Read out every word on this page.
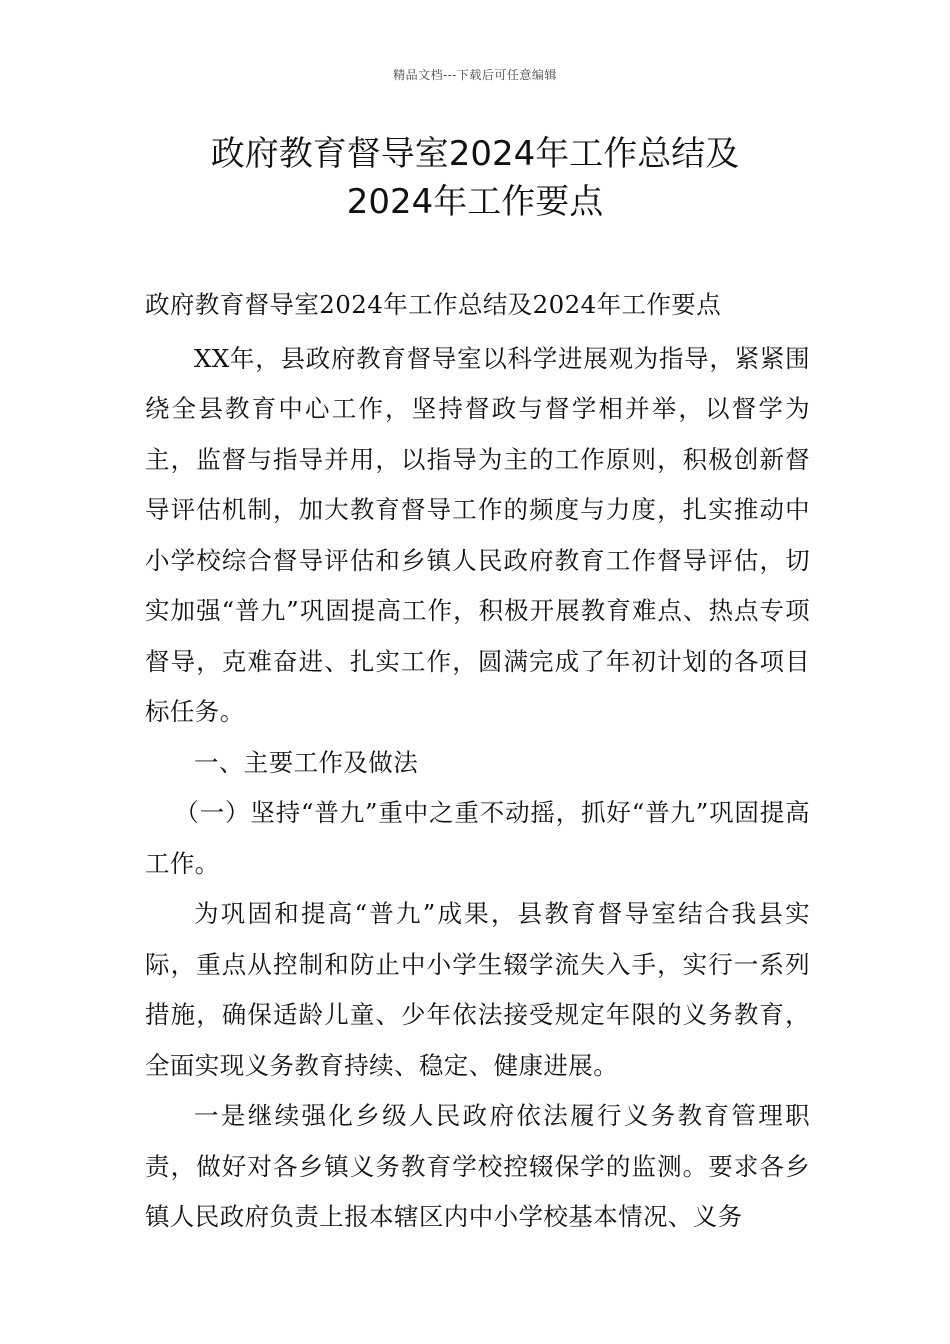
精品文档---下载后可任意编辑
政府教育督导室2024年工作总结及
2024年工作要点

政府教育督导室2024年工作总结及2024年工作要点

XX年，县政府教育督导室以科学进展观为指导，紧紧围绕全县教育中心工作，坚持督政与督学相并举，以督学为主，监督与指导并用，以指导为主的工作原则，积极创新督导评估机制，加大教育督导工作的频度与力度，扎实推动中小学校综合督导评估和乡镇人民政府教育工作督导评估，切实加强“普九”巩固提高工作，积极开展教育难点、热点专项督导，克难奋进、扎实工作，圆满完成了年初计划的各项目标任务。

一、主要工作及做法

（一）坚持“普九”重中之重不动摇，抓好“普九”巩固提高工作。

为巩固和提高“普九”成果，县教育督导室结合我县实际，重点从控制和防止中小学生辍学流失入手，实行一系列措施，确保适龄儿童、少年依法接受规定年限的义务教育，全面实现义务教育持续、稳定、健康进展。

一是继续强化乡级人民政府依法履行义务教育管理职责，做好对各乡镇义务教育学校控辍保学的监测。要求各乡镇人民政府负责上报本辖区内中小学校基本情况、义务
